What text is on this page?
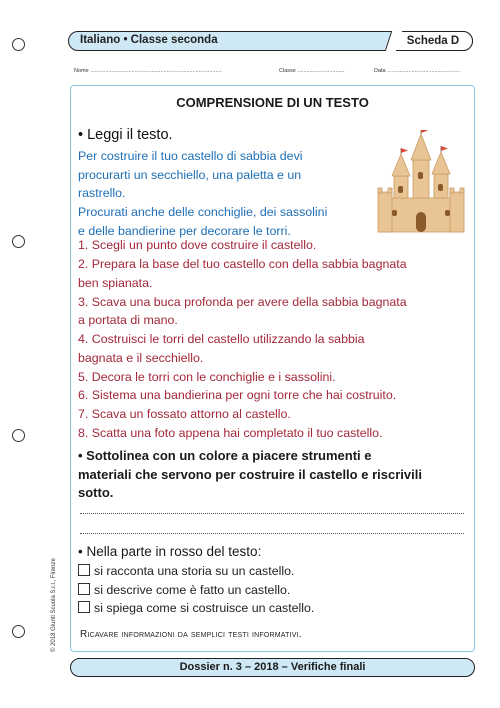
Italiano • Classe seconda	Scheda D
Nome ......................................................................................	Classe ...............................	Data ................................................
COMPRENSIONE DI UN TESTO
• Leggi il testo.
Per costruire il tuo castello di sabbia devi
procurarti un secchiello, una paletta e un
rastrello.
Procurati anche delle conchiglie, dei sassolini
e delle bandierine per decorare le torri.
1. Scegli un punto dove costruire il castello.
2. Prepara la base del tuo castello con della sabbia bagnata
ben spianata.
3. Scava una buca profonda per avere della sabbia bagnata
a portata di mano.
4. Costruisci le torri del castello utilizzando la sabbia
bagnata e il secchiello.
5. Decora le torri con le conchiglie e i sassolini.
6. Sistema una bandierina per ogni torre che hai costruito.
7. Scava un fossato attorno al castello.
8. Scatta una foto appena hai completato il tuo castello.
• Sottolinea con un colore a piacere strumenti e
materiali che servono per costruire il castello e riscrivili
sotto.
• Nella parte in rosso del testo:
si racconta una storia su un castello.
si descrive come è fatto un castello.
si spiega come si costruisce un castello.
Ricavare informazioni da semplici testi informativi.
© 2018 Giunti Scuola S.r.l., Firenze
Dossier n. 3 – 2018 – Verifiche finali
